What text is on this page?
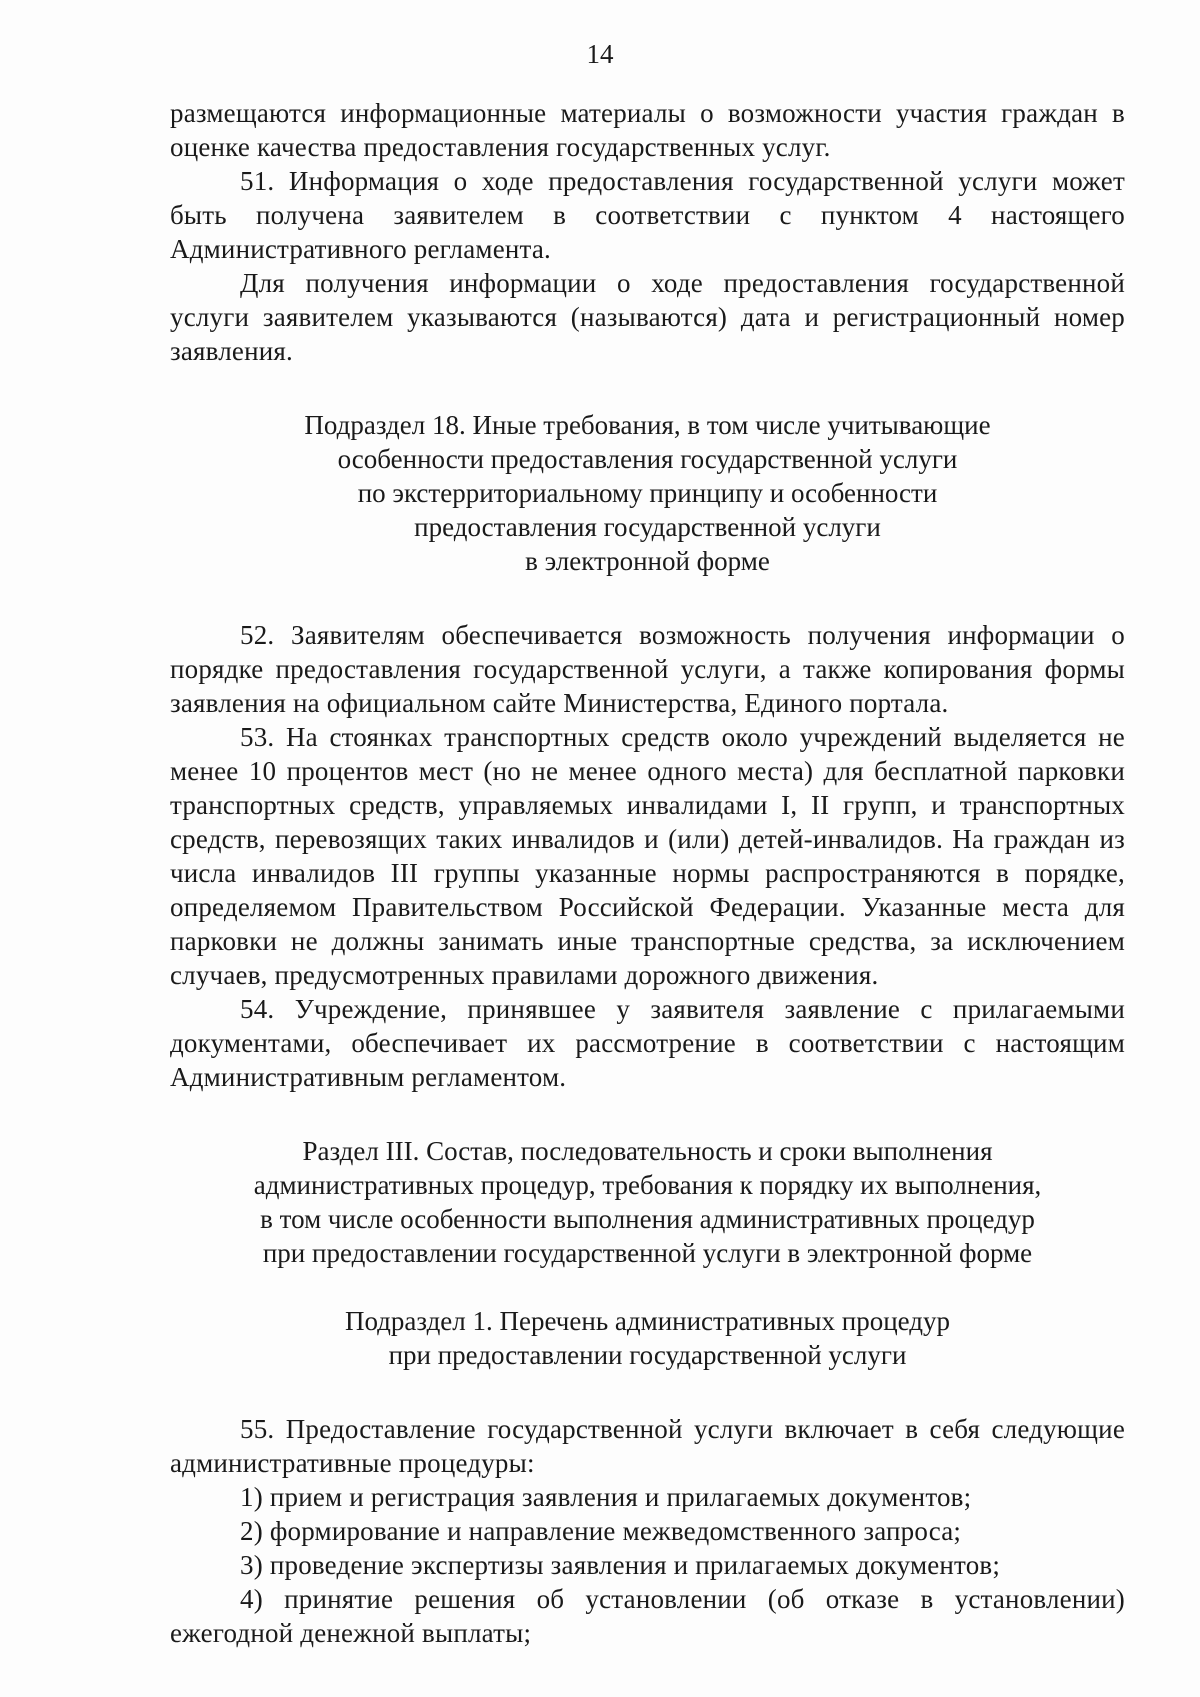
14

размещаются информационные материалы о возможности участия граждан в оценке качества предоставления государственных услуг.

51. Информация о ходе предоставления государственной услуги может быть получена заявителем в соответствии с пунктом 4 настоящего Административного регламента.

Для получения информации о ходе предоставления государственной услуги заявителем указываются (называются) дата и регистрационный номер заявления.

Подраздел 18. Иные требования, в том числе учитывающие

особенности предоставления государственной услуги

по экстерриториальному принципу и особенности

предоставления государственной услуги

в электронной форме

52. Заявителям обеспечивается возможность получения информации о порядке предоставления государственной услуги, а также копирования формы заявления на официальном сайте Министерства, Единого портала.

53. На стоянках транспортных средств около учреждений выделяется не менее 10 процентов мест (но не менее одного места) для бесплатной парковки транспортных средств, управляемых инвалидами I, II групп, и транспортных средств, перевозящих таких инвалидов и (или) детей-инвалидов. На граждан из числа инвалидов III группы указанные нормы распространяются в порядке, определяемом Правительством Российской Федерации. Указанные места для парковки не должны занимать иные транспортные средства, за исключением случаев, предусмотренных правилами дорожного движения.

54. Учреждение, принявшее у заявителя заявление с прилагаемыми документами, обеспечивает их рассмотрение в соответствии с настоящим Административным регламентом.

Раздел III. Состав, последовательность и сроки выполнения

административных процедур, требования к порядку их выполнения,

в том числе особенности выполнения административных процедур

при предоставлении государственной услуги в электронной форме

Подраздел 1. Перечень административных процедур

при предоставлении государственной услуги

55. Предоставление государственной услуги включает в себя следующие административные процедуры:

1) прием и регистрация заявления и прилагаемых документов;

2) формирование и направление межведомственного запроса;

3) проведение экспертизы заявления и прилагаемых документов;

4) принятие решения об установлении (об отказе в установлении) ежегодной денежной выплаты;
